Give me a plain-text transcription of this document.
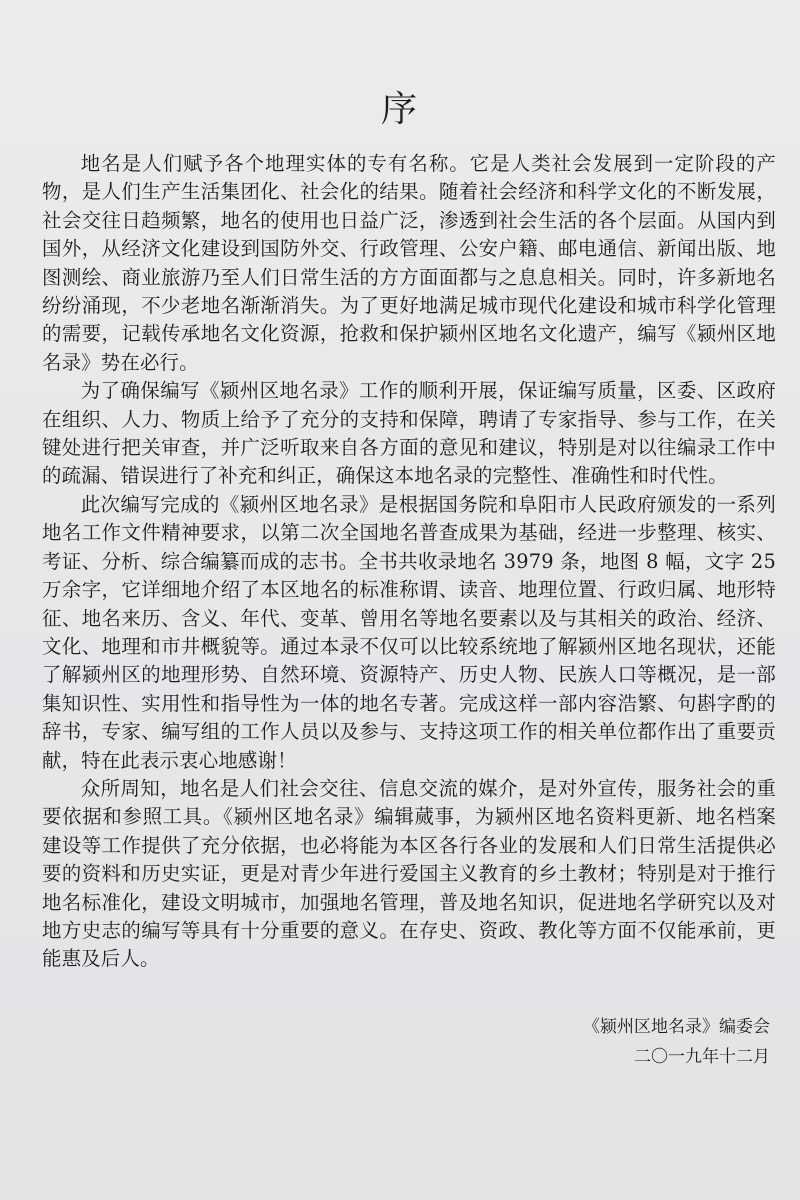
序

地名是人们赋予各个地理实体的专有名称。它是人类社会发展到一定阶段的产物，是人们生产生活集团化、社会化的结果。随着社会经济和科学文化的不断发展，社会交往日趋频繁，地名的使用也日益广泛，渗透到社会生活的各个层面。从国内到国外，从经济文化建设到国防外交、行政管理、公安户籍、邮电通信、新闻出版、地图测绘、商业旅游乃至人们日常生活的方方面面都与之息息相关。同时，许多新地名纷纷涌现，不少老地名渐渐消失。为了更好地满足城市现代化建设和城市科学化管理的需要，记载传承地名文化资源，抢救和保护颍州区地名文化遗产，编写《颍州区地名录》势在必行。

为了确保编写《颍州区地名录》工作的顺利开展，保证编写质量，区委、区政府在组织、人力、物质上给予了充分的支持和保障，聘请了专家指导、参与工作，在关键处进行把关审查，并广泛听取来自各方面的意见和建议，特别是对以往编录工作中的疏漏、错误进行了补充和纠正，确保这本地名录的完整性、准确性和时代性。

此次编写完成的《颍州区地名录》是根据国务院和阜阳市人民政府颁发的一系列地名工作文件精神要求，以第二次全国地名普查成果为基础，经进一步整理、核实、考证、分析、综合编纂而成的志书。全书共收录地名 3979 条，地图 8 幅，文字 25 万余字，它详细地介绍了本区地名的标准称谓、读音、地理位置、行政归属、地形特征、地名来历、含义、年代、变革、曾用名等地名要素以及与其相关的政治、经济、文化、地理和市井概貌等。通过本录不仅可以比较系统地了解颍州区地名现状，还能了解颍州区的地理形势、自然环境、资源特产、历史人物、民族人口等概况，是一部集知识性、实用性和指导性为一体的地名专著。完成这样一部内容浩繁、句斟字酌的辞书，专家、编写组的工作人员以及参与、支持这项工作的相关单位都作出了重要贡献，特在此表示衷心地感谢！

众所周知，地名是人们社会交往、信息交流的媒介，是对外宣传，服务社会的重要依据和参照工具。《颍州区地名录》编辑蒇事，为颍州区地名资料更新、地名档案建设等工作提供了充分依据，也必将能为本区各行各业的发展和人们日常生活提供必要的资料和历史实证，更是对青少年进行爱国主义教育的乡土教材；特别是对于推行地名标准化，建设文明城市，加强地名管理，普及地名知识，促进地名学研究以及对地方史志的编写等具有十分重要的意义。在存史、资政、教化等方面不仅能承前，更能惠及后人。

《颍州区地名录》编委会
二〇一九年十二月
